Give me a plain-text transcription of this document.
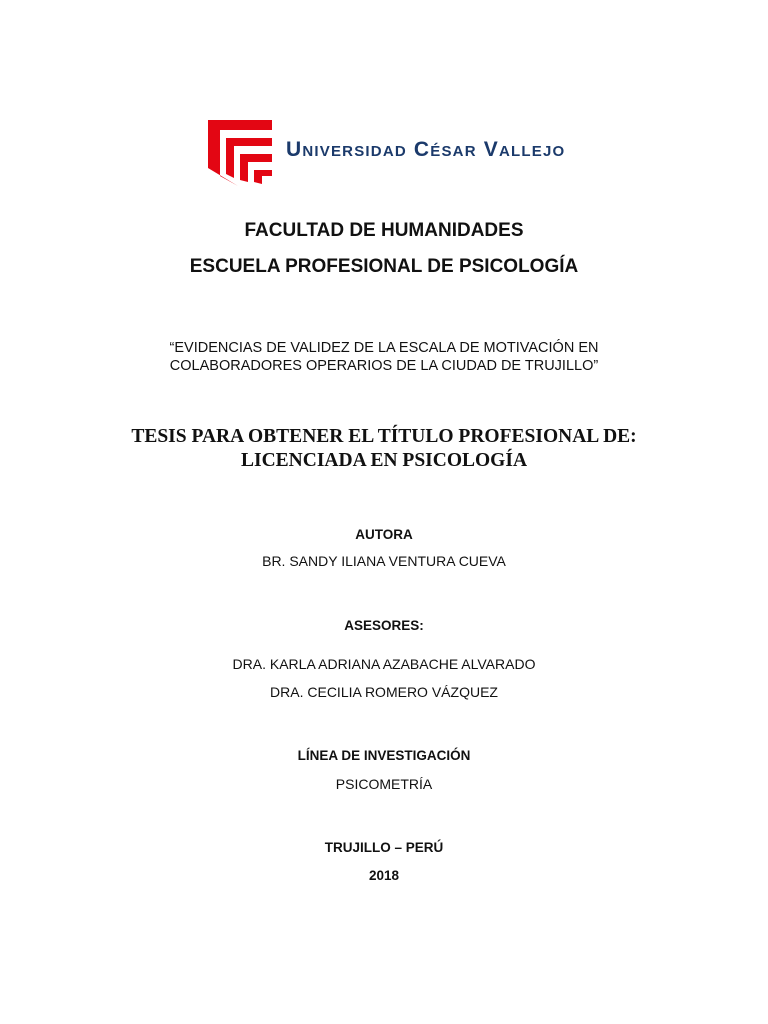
Universidad César Vallejo
FACULTAD DE HUMANIDADES
ESCUELA PROFESIONAL DE PSICOLOGÍA
“EVIDENCIAS DE VALIDEZ DE LA ESCALA DE MOTIVACIÓN EN
COLABORADORES OPERARIOS DE LA CIUDAD DE TRUJILLO”
TESIS PARA OBTENER EL TÍTULO PROFESIONAL DE:
LICENCIADA EN PSICOLOGÍA
AUTORA
BR. SANDY ILIANA VENTURA CUEVA
ASESORES:
DRA. KARLA ADRIANA AZABACHE ALVARADO
DRA. CECILIA ROMERO VÁZQUEZ
LÍNEA DE INVESTIGACIÓN
PSICOMETRÍA
TRUJILLO – PERÚ
2018
